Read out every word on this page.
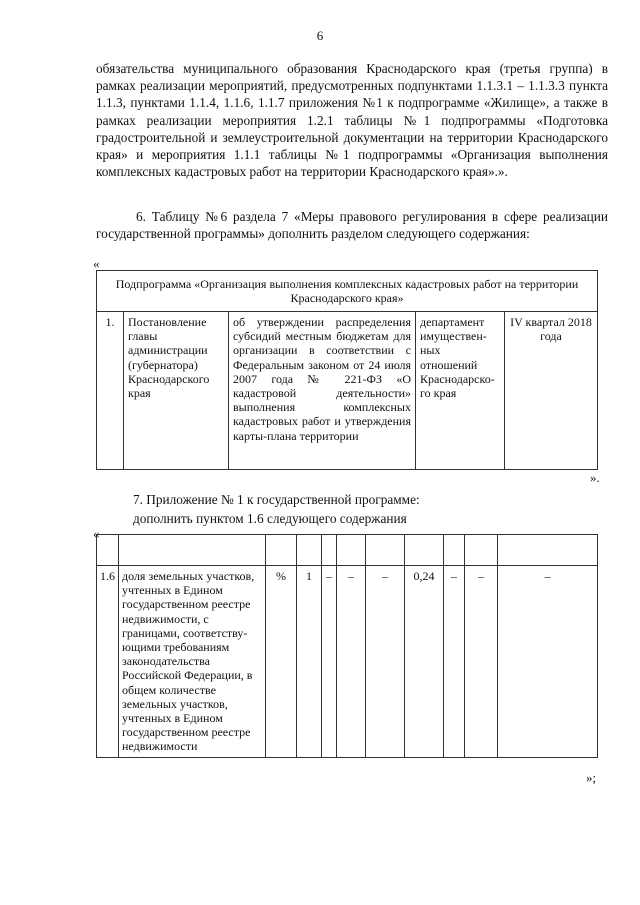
6

обязательства муниципального образования Краснодарского края (третья группа) в рамках реализации мероприятий, предусмотренных подпунктами 1.1.3.1 – 1.1.3.3 пункта 1.1.3, пунктами 1.1.4, 1.1.6, 1.1.7 приложения №1 к подпрограмме «Жилище», а также в рамках реализации мероприятия 1.2.1 таблицы №1 подпрограммы «Подготовка градостроительной и землеустроительной документации на территории Краснодарского края» и мероприятия 1.1.1 таблицы №1 подпрограммы «Организация выполнения комплексных кадастровых работ на территории Краснодарского края».».

6. Таблицу №6 раздела 7 «Меры правового регулирования в сфере реализации государственной программы» дополнить разделом следующего содержания:

«
Подпрограмма «Организация выполнения комплексных кадастровых работ на территории Краснодарского края»
1.	Постановление главы администрации (губернатора) Краснодарского края	об утверждении распределения субсидий местным бюджетам для организации в соответствии с Федеральным законом от 24 июля 2007 года № 221-ФЗ «О кадастровой деятельности» выполнения комплексных кадастровых работ и утверждения карты-плана территории	департамент имуществен-ных отношений Краснодарско-го края	IV квартал 2018 года
».

7. Приложение № 1 к государственной программе:

дополнить пунктом 1.6 следующего содержания

«

1.6	доля земельных участков, учтенных в Едином государственном реестре недвижимости, с границами, соответству-ющими требованиям законодательства Российской Федерации, в общем количестве земельных участков, учтенных в Едином государственном реестре недвижимости	%	1	–	–	–	0,24	–	–	–
»;
